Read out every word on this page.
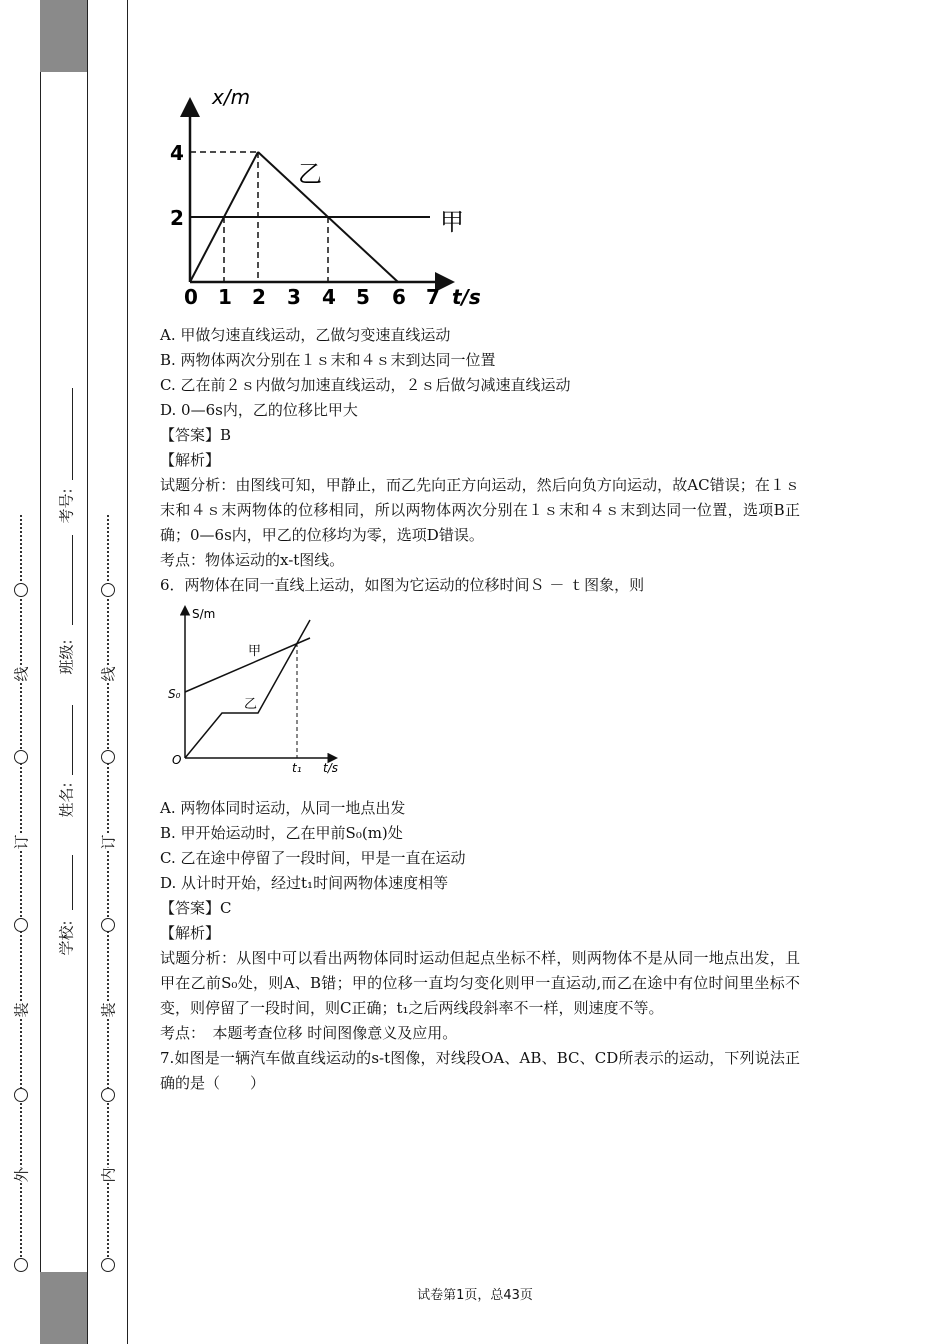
外
装
订
线
内
装
订
线
学校:
姓名:
班级:
考号:
x/m
4
2
乙
甲
0 1 2 3 4 5 6 7 t/s
A. 甲做匀速直线运动，乙做匀变速直线运动
B. 两物体两次分别在１ｓ末和４ｓ末到达同一位置
C. 乙在前２ｓ内做匀加速直线运动，２ｓ后做匀减速直线运动
D. 0—6s内，乙的位移比甲大
【答案】B
【解析】
试题分析：由图线可知，甲静止，而乙先向正方向运动，然后向负方向运动，故AC错误；在１ｓ末和４ｓ末两物体的位移相同，所以两物体两次分别在１ｓ末和４ｓ末到达同一位置，选项B正确；0—6s内，甲乙的位移均为零，选项D错误。
考点：物体运动的x-t图线。
6．两物体在同一直线上运动，如图为它运动的位移时间Ｓ － ｔ图象，则
S/m
S₀
O
甲
乙
t₁ t/s
A. 两物体同时运动，从同一地点出发
B. 甲开始运动时，乙在甲前S₀(m)处
C. 乙在途中停留了一段时间，甲是一直在运动
D. 从计时开始，经过t₁时间两物体速度相等
【答案】C
【解析】
试题分析：从图中可以看出两物体同时运动但起点坐标不样，则两物体不是从同一地点出发，且甲在乙前S₀处，则A、B错；甲的位移一直均匀变化则甲一直运动,而乙在途中有位时间里坐标不变，则停留了一段时间，则C正确；t₁之后两线段斜率不一样，则速度不等。
考点：　本题考查位移 时间图像意义及应用。
7.如图是一辆汽车做直线运动的s-t图像，对线段OA、AB、BC、CD所表示的运动，下列说法正确的是（　　）
试卷第1页，总43页
